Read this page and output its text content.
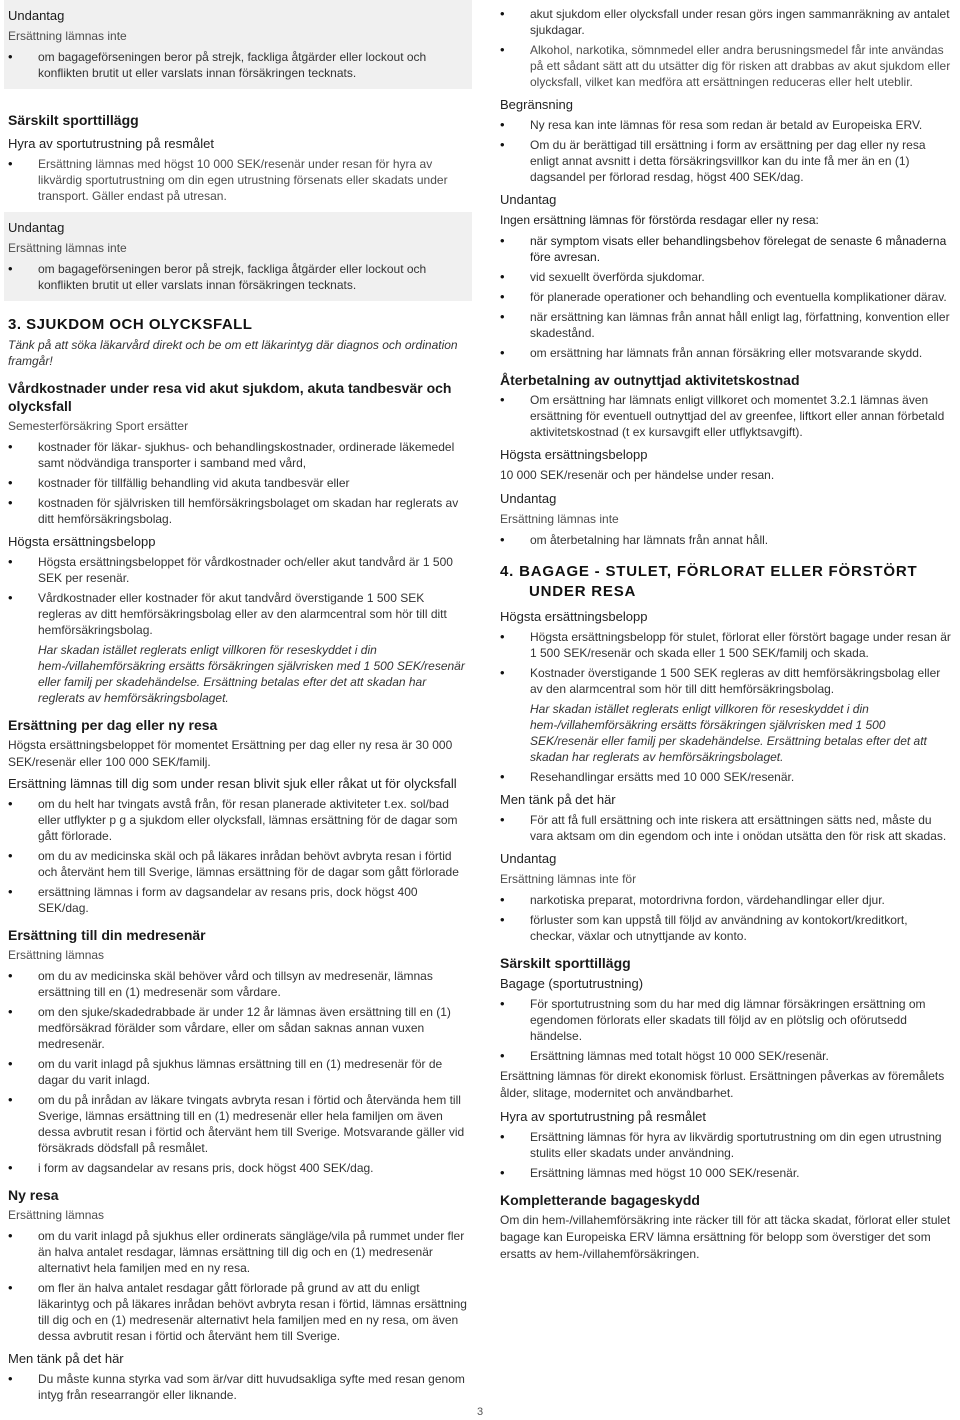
Undantag
Ersättning lämnas inte
• om bagageförseningen beror på strejk, fackliga åtgärder eller lockout och konflikten brutit ut eller varslats innan försäkringen tecknats.
Särskilt sporttillägg
Hyra av sportutrustning på resmålet
• Ersättning lämnas med högst 10 000 SEK/resenär under resan för hyra av likvärdig sportutrustning om din egen utrustning försenats eller skadats under transport. Gäller endast på utresan.
Undantag
Ersättning lämnas inte
• om bagageförseningen beror på strejk, fackliga åtgärder eller lockout och konflikten brutit ut eller varslats innan försäkringen tecknats.
3. SJUKDOM OCH OLYCKSFALL
Tänk på att söka läkarvård direkt och be om ett läkarintyg där diagnos och ordination framgår!
Vårdkostnader under resa vid akut sjukdom, akuta tandbesvär och olycksfall
Semesterförsäkring Sport ersätter
• kostnader för läkar- sjukhus- och behandlingskostnader, ordinerade läkemedel samt nödvändiga transporter i samband med vård,
• kostnader för tillfällig behandling vid akuta tandbesvär eller
• kostnaden för självrisken till hemförsäkringsbolaget om skadan har reglerats av ditt hemförsäkringsbolag.
Högsta ersättningsbelopp
• Högsta ersättningsbeloppet för vårdkostnader och/eller akut tandvård är 1 500 SEK per resenär.
• Vårdkostnader eller kostnader för akut tandvård överstigande 1 500 SEK regleras av ditt hemförsäkringsbolag eller av den alarmcentral som hör till ditt hemförsäkringsbolag.
Har skadan istället reglerats enligt villkoren för reseskyddet i din hem-/villahemförsäkring ersätts försäkringen självrisken med 1 500 SEK/resenär eller familj per skadehändelse. Ersättning betalas efter det att skadan har reglerats av hemförsäkringsbolaget.
Ersättning per dag eller ny resa
Högsta ersättningsbeloppet för momentet Ersättning per dag eller ny resa är 30 000 SEK/resenär eller 100 000 SEK/familj.
Ersättning lämnas till dig som under resan blivit sjuk eller råkat ut för olycksfall
• om du helt har tvingats avstå från, för resan planerade aktiviteter t.ex. sol/bad eller utflykter p g a sjukdom eller olycksfall, lämnas ersättning för de dagar som gått förlorade.
• om du av medicinska skäl och på läkares inrådan behövt avbryta resan i förtid och återvänt hem till Sverige, lämnas ersättning för de dagar som gått förlorade
• ersättning lämnas i form av dagsandelar av resans pris, dock högst 400 SEK/dag.
Ersättning till din medresenär
Ersättning lämnas
• om du av medicinska skäl behöver vård och tillsyn av medresenär, lämnas ersättning till en (1) medresenär som vårdare.
• om den sjuke/skadedrabbade är under 12 år lämnas även ersättning till en (1) medförsäkrad förälder som vårdare, eller om sådan saknas annan vuxen medresenär.
• om du varit inlagd på sjukhus lämnas ersättning till en (1) medresenär för de dagar du varit inlagd.
• om du på inrådan av läkare tvingats avbryta resan i förtid och återvända hem till Sverige, lämnas ersättning till en (1) medresenär eller hela familjen om även dessa avbrutit resan i förtid och återvänt hem till Sverige. Motsvarande gäller vid försäkrads dödsfall på resmålet.
• i form av dagsandelar av resans pris, dock högst 400 SEK/dag.
Ny resa
Ersättning lämnas
• om du varit inlagd på sjukhus eller ordinerats sängläge/vila på rummet under fler än halva antalet resdagar, lämnas ersättning till dig och en (1) medresenär alternativt hela familjen med en ny resa.
• om fler än halva antalet resdagar gått förlorade på grund av att du enligt läkarintyg och på läkares inrådan behövt avbryta resan i förtid, lämnas ersättning till dig och en (1) medresenär alternativt hela familjen med en ny resa, om även dessa avbrutit resan i förtid och återvänt hem till Sverige.
Men tänk på det här
• Du måste kunna styrka vad som är/var ditt huvudsakliga syfte med resan genom intyg från researrangör eller liknande.
• akut sjukdom eller olycksfall under resan görs ingen sammanräkning av antalet sjukdagar.
• Alkohol, narkotika, sömnmedel eller andra berusningsmedel får inte användas på ett sådant sätt att du utsätter dig för risken att drabbas av akut sjukdom eller olycksfall, vilket kan medföra att ersättningen reduceras eller helt uteblir.
Begränsning
• Ny resa kan inte lämnas för resa som redan är betald av Europeiska ERV.
• Om du är berättigad till ersättning i form av ersättning per dag eller ny resa enligt annat avsnitt i detta försäkringsvillkor kan du inte få mer än en (1) dagsandel per förlorad resdag, högst 400 SEK/dag.
Undantag
Ingen ersättning lämnas för förstörda resdagar eller ny resa:
• när symptom visats eller behandlingsbehov förelegat de senaste 6 månaderna före avresan.
• vid sexuellt överförda sjukdomar.
• för planerade operationer och behandling och eventuella komplikationer därav.
• när ersättning kan lämnas från annat håll enligt lag, författning, konvention eller skadestånd.
• om ersättning har lämnats från annan försäkring eller motsvarande skydd.
Återbetalning av outnyttjad aktivitetskostnad
• Om ersättning har lämnats enligt villkoret och momentet 3.2.1 lämnas även ersättning för eventuell outnyttjad del av greenfee, liftkort eller annan förbetald aktivitetskostnad (t ex kursavgift eller utflyktsavgift).
Högsta ersättningsbelopp
10 000 SEK/resenär och per händelse under resan.
Undantag
Ersättning lämnas inte
• om återbetalning har lämnats från annat håll.
4. BAGAGE - STULET, FÖRLORAT ELLER FÖRSTÖRT UNDER RESA
Högsta ersättningsbelopp
• Högsta ersättningsbelopp för stulet, förlorat eller förstört bagage under resan är 1 500 SEK/resenär och skada eller 1 500 SEK/familj och skada.
• Kostnader överstigande 1 500 SEK regleras av ditt hemförsäkringsbolag eller av den alarmcentral som hör till ditt hemförsäkringsbolag.
Har skadan istället reglerats enligt villkoren för reseskyddet i din hem-/villahemförsäkring ersätts försäkringen självrisken med 1 500 SEK/resenär eller familj per skadehändelse. Ersättning betalas efter det att skadan har reglerats av hemförsäkringsbolaget.
• Resehandlingar ersätts med 10 000 SEK/resenär.
Men tänk på det här
• För att få full ersättning och inte riskera att ersättningen sätts ned, måste du vara aktsam om din egendom och inte i onödan utsätta den för risk att skadas.
Undantag
Ersättning lämnas inte för
• narkotiska preparat, motordrivna fordon, värdehandlingar eller djur.
• förluster som kan uppstå till följd av användning av kontokort/kreditkort, checkar, växlar och utnyttjande av konto.
Särskilt sporttillägg
Bagage (sportutrustning)
• För sportutrustning som du har med dig lämnar försäkringen ersättning om egendomen förlorats eller skadats till följd av en plötslig och oförutsedd händelse.
• Ersättning lämnas med totalt högst 10 000 SEK/resenär.
Ersättning lämnas för direkt ekonomisk förlust. Ersättningen påverkas av föremålets ålder, slitage, modernitet och användbarhet.
Hyra av sportutrustning på resmålet
• Ersättning lämnas för hyra av likvärdig sportutrustning om din egen utrustning stulits eller skadats under användning.
• Ersättning lämnas med högst 10 000 SEK/resenär.
Kompletterande bagageskydd
Om din hem-/villahemförsäkring inte räcker till för att täcka skadat, förlorat eller stulet bagage kan Europeiska ERV lämna ersättning för belopp som överstiger det som ersatts av hem-/villahemförsäkringen.
3
